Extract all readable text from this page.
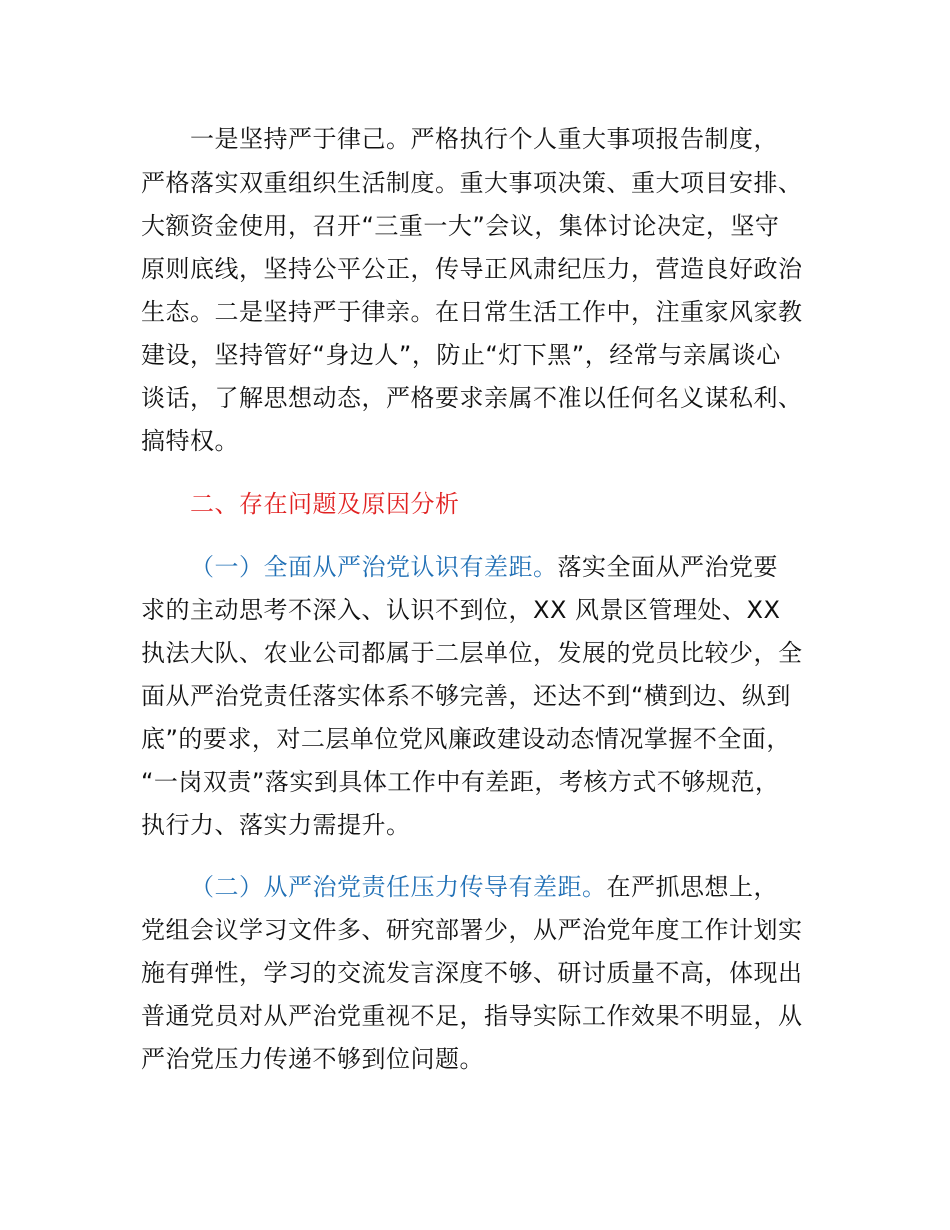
一是坚持严于律己。严格执行个人重大事项报告制度，
严格落实双重组织生活制度。重大事项决策、重大项目安排、
大额资金使用，召开“三重一大”会议，集体讨论决定，坚守
原则底线，坚持公平公正，传导正风肃纪压力，营造良好政治
生态。二是坚持严于律亲。在日常生活工作中，注重家风家教
建设，坚持管好“身边人”，防止“灯下黑”，经常与亲属谈心
谈话，了解思想动态，严格要求亲属不准以任何名义谋私利、
搞特权。
二、存在问题及原因分析
（一）全面从严治党认识有差距。落实全面从严治党要
求的主动思考不深入、认识不到位，XX 风景区管理处、XX
执法大队、农业公司都属于二层单位，发展的党员比较少，全
面从严治党责任落实体系不够完善，还达不到“横到边、纵到
底”的要求，对二层单位党风廉政建设动态情况掌握不全面，
“一岗双责”落实到具体工作中有差距，考核方式不够规范，
执行力、落实力需提升。
（二）从严治党责任压力传导有差距。在严抓思想上，
党组会议学习文件多、研究部署少，从严治党年度工作计划实
施有弹性，学习的交流发言深度不够、研讨质量不高，体现出
普通党员对从严治党重视不足，指导实际工作效果不明显，从
严治党压力传递不够到位问题。
